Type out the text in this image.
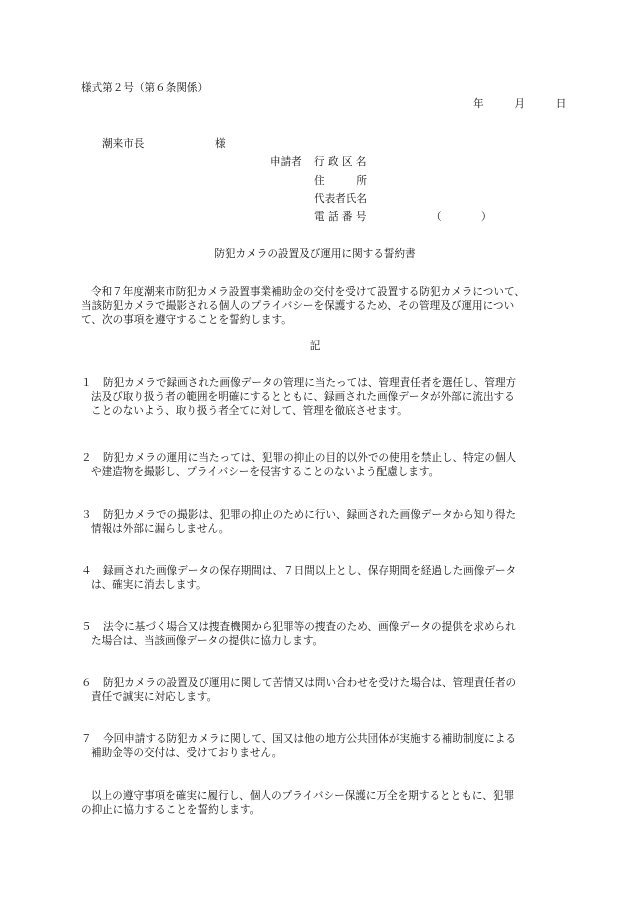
様式第２号（第６条関係）
年	月	日
潮来市長	様
申請者 行 政 区 名
住　　　所
代表者氏名
電 話 番 号	（	）
防犯カメラの設置及び運用に関する誓約書
令和７年度潮来市防犯カメラ設置事業補助金の交付を受けて設置する防犯カメラについて、
当該防犯カメラで撮影される個人のプライバシーを保護するため、その管理及び運用につい
て、次の事項を遵守することを誓約します。
記
１	防犯カメラで録画された画像データの管理に当たっては、管理責任者を選任し、管理方
法及び取り扱う者の範囲を明確にするとともに、録画された画像データが外部に流出する
ことのないよう、取り扱う者全てに対して、管理を徹底させます。
２	防犯カメラの運用に当たっては、犯罪の抑止の目的以外での使用を禁止し、特定の個人
や建造物を撮影し、プライバシーを侵害することのないよう配慮します。
３	防犯カメラでの撮影は、犯罪の抑止のために行い、録画された画像データから知り得た
情報は外部に漏らしません。
４	録画された画像データの保存期間は、７日間以上とし、保存期間を経過した画像データ
は、確実に消去します。
５	法令に基づく場合又は捜査機関から犯罪等の捜査のため、画像データの提供を求められ
た場合は、当該画像データの提供に協力します。
６	防犯カメラの設置及び運用に関して苦情又は問い合わせを受けた場合は、管理責任者の
責任で誠実に対応します。
７	今回申請する防犯カメラに関して、国又は他の地方公共団体が実施する補助制度による
補助金等の交付は、受けておりません。
以上の遵守事項を確実に履行し、個人のプライバシー保護に万全を期するとともに、犯罪
の抑止に協力することを誓約します。
